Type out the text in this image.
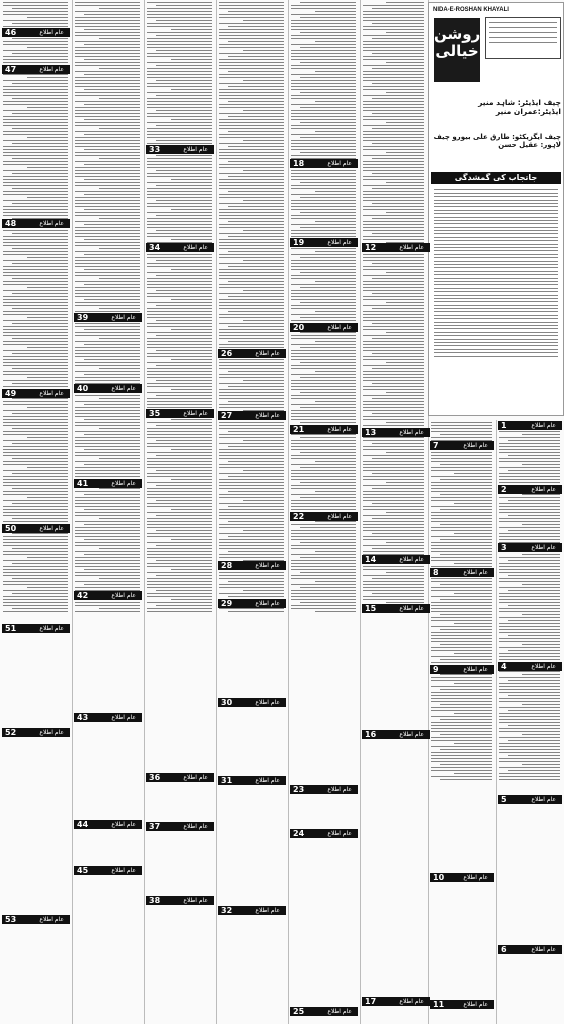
NIDA-E-ROSHAN KHAYALI
روشن خیالی
چیف ایڈیٹر: شاہد منیر ایڈیٹر:عمران منیر
چیف ایگزیکٹو: طارق علی بیورو چیف لاہور: عقیل حسن
جاتجاب کی گمشدگی
1	عام اطلاع
2	عام اطلاع
3	عام اطلاع
4	عام اطلاع
5	عام اطلاع
6	عام اطلاع
7	عام اطلاع
8	عام اطلاع
9	عام اطلاع
10	عام اطلاع
11	عام اطلاع
12	عام اطلاع
13	عام اطلاع
14	عام اطلاع
15	عام اطلاع
16	عام اطلاع
17	عام اطلاع
18	عام اطلاع
19	عام اطلاع
20	عام اطلاع
21	عام اطلاع
22	عام اطلاع
23	عام اطلاع
24	عام اطلاع
25	عام اطلاع
26	عام اطلاع
27	عام اطلاع
28	عام اطلاع
29	عام اطلاع
30	عام اطلاع
31	عام اطلاع
32	عام اطلاع
33	عام اطلاع
34	عام اطلاع
35	عام اطلاع
36	عام اطلاع
37	عام اطلاع
38	عام اطلاع
39	عام اطلاع
40	عام اطلاع
41	عام اطلاع
42	عام اطلاع
43	عام اطلاع
44	عام اطلاع
45	عام اطلاع
46	عام اطلاع
47	عام اطلاع
48	عام اطلاع
49	عام اطلاع
50	عام اطلاع
51	عام اطلاع
52	عام اطلاع
53	عام اطلاع
